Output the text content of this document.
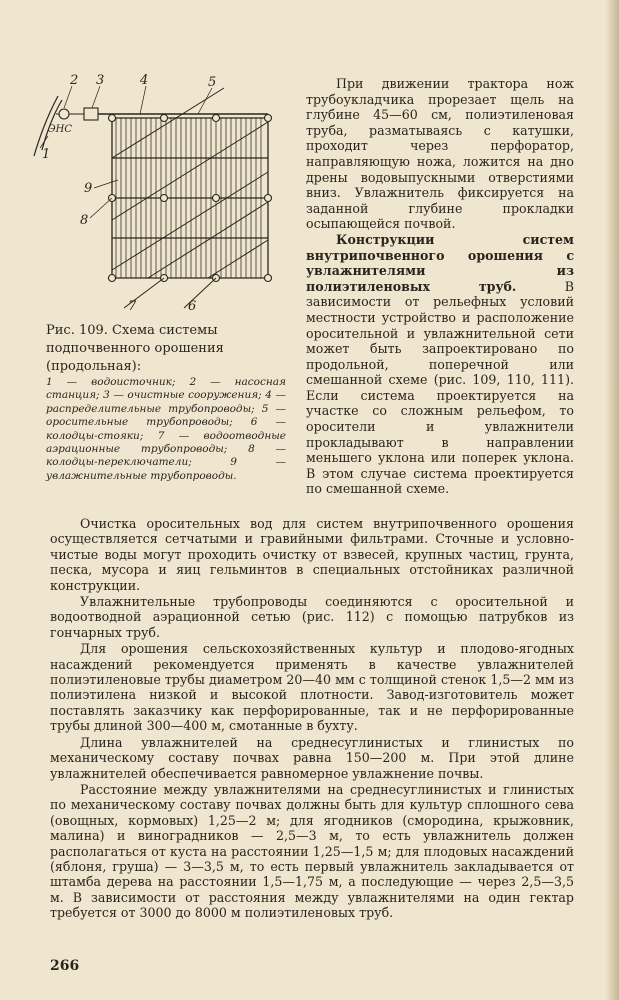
2 3	4	5
ЭНС
1
9
8
7	6
Рис. 109. Схема системы подпочвенного орошения (продольная):
1 — водоисточник; 2 — насосная станция; 3 — очистные сооружения; 4 — распределительные трубопроводы; 5 — оросительные трубопроводы; 6 — колодцы-стояки; 7 — водоотводные аэрационные трубопроводы; 8 — колодцы-переключатели; 9 — увлажнительные трубопроводы.

При движении трактора нож трубоукладчика прорезает щель на глубине 45—60 см, полиэтиленовая труба, разматываясь с катушки, проходит через перфоратор, направляющую ножа, ложится на дно дрены водовыпускными отверстиями вниз. Увлажнитель фиксируется на заданной глубине прокладки осыпающейся почвой.

Конструкции систем внутрипочвенного орошения с увлажнителями из полиэтиленовых труб. В зависимости от рельефных условий местности устройство и расположение оросительной и увлажнительной сети может быть запроектировано по продольной, поперечной или смешанной схеме (рис. 109, 110, 111). Если система проектируется на участке со сложным рельефом, то оросители и увлажнители прокладывают в направлении меньшего уклона или поперек уклона. В этом случае система проектируется по смешанной схеме.

Очистка оросительных вод для систем внутрипочвенного орошения осуществляется сетчатыми и гравийными фильтрами. Сточные и условно-чистые воды могут проходить очистку от взвесей, крупных частиц, грунта, песка, мусора и яиц гельминтов в специальных отстойниках различной конструкции.

Увлажнительные трубопроводы соединяются с оросительной и водоотводной аэрационной сетью (рис. 112) с помощью патрубков из гончарных труб.

Для орошения сельскохозяйственных культур и плодово-ягодных насаждений рекомендуется применять в качестве увлажнителей полиэтиленовые трубы диаметром 20—40 мм с толщиной стенок 1,5—2 мм из полиэтилена низкой и высокой плотности. Завод-изготовитель может поставлять заказчику как перфорированные, так и не перфорированные трубы длиной 300—400 м, смотанные в бухту.

Длина увлажнителей на среднесуглинистых и глинистых по механическому составу почвах равна 150—200 м. При этой длине увлажнителей обеспечивается равномерное увлажнение почвы.

Расстояние между увлажнителями на среднесуглинистых и глинистых по механическому составу почвах должны быть для культур сплошного сева (овощных, кормовых) 1,25—2 м; для ягодников (смородина, крыжовник, малина) и виноградников — 2,5—3 м, то есть увлажнитель должен располагаться от куста на расстоянии 1,25—1,5 м; для плодовых насаждений (яблоня, груша) — 3—3,5 м, то есть первый увлажнитель закладывается от штамба дерева на расстоянии 1,5—1,75 м, а последующие — через 2,5—3,5 м. В зависимости от расстояния между увлажнителями на один гектар требуется от 3000 до 8000 м полиэтиленовых труб.

266
